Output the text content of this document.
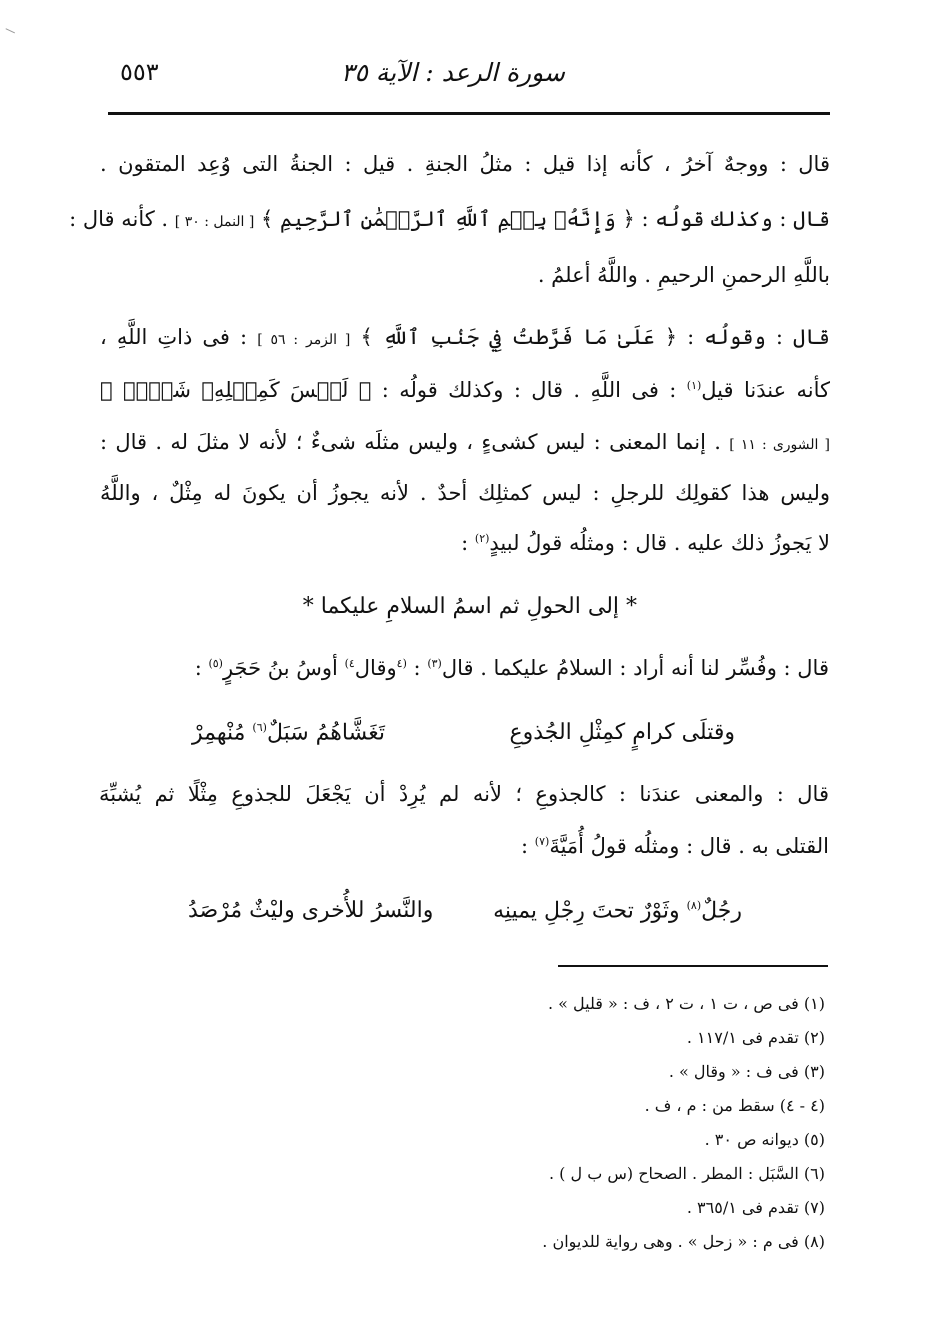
سورة الرعد : الآية ٣٥
٥٥٣
قال : ووجهٌ آخرُ ، كأنه إذا قيل : مثلُ الجنةِ . قيل : الجنةُ التى وُعِد المتقون .
قال : وكذلك قولُه : ﴿ وَإِنَّهُۥ بِسۡمِ ٱللَّهِ ٱلرَّحۡمَٰنِ ٱلرَّحِيمِ ﴾ [ النمل : ٣٠ ] . كأنه قال :
باللَّهِ الرحمنِ الرحيمِ . واللَّهُ أعلمُ .
قال : وقولُه : ﴿ عَلَىٰ مَا فَرَّطتُ فِي جَنۢبِ ٱللَّهِ ﴾ [ الزمر : ٥٦ ] : فى ذاتِ اللَّهِ ،
كأنه عندَنا قيل$^{(١)}$ : فى اللَّهِ . قال : وكذلك قولُه : ﴿ لَيۡسَ كَمِثۡلِهِۦ شَيۡءٞ ﴾
[ الشورى : ١١ ] . إنما المعنى : ليس كشىءٍ ، وليس مثلَه شىءٌ ؛ لأنه لا مثلَ له . قال :
وليس هذا كقولِك للرجلِ : ليس كمثلِك أحدٌ . لأنه يجوزُ أن يكونَ له مِثْلٌ ، واللَّهُ
لا يَجوزُ ذلك عليه . قال : ومثلُه قولُ لبيدٍ$^{(٢)}$ :
* إلى الحولِ ثم اسمُ السلامِ عليكما *
قال : وفُسِّر لنا أنه أراد : السلامُ عليكما . قال$^{(٣)}$ : $^{(٤}$وقال$^{٤)}$ أوسُ بنُ حَجَرٍ$^{(٥)}$ :
وقتلَى كرامٍ كمِثْلِ الجُذوعِ
تَغَشَّاهُمُ سَبَلٌ$^{(٦)}$ مُنْهمِرْ
قال : والمعنى عندَنا : كالجذوعِ ؛ لأنه لم يُرِدْ أن يَجْعَلَ للجذوعِ مِثْلًا ثم يُشبِّهَ
القتلى به . قال : ومثلُه قولُ أُمَيَّةَ$^{(٧)}$ :
رجُلٌ$^{(٨)}$ وثَوْرٌ تحتَ رِجْلِ يمينِه
والنَّسرُ للأُخرى وليْثٌ مُرْصَدُ
(١) فى ص ، ت ١ ، ت ٢ ، ف : « قليل » .
(٢) تقدم فى ١١٧/١ .
(٣) فى ف : « وقال » .
(٤ - ٤) سقط من : م ، ف .
(٥) ديوانه ص ٣٠ .
(٦) السَّبَل : المطر . الصحاح (س ب ل ) .
(٧) تقدم فى ٣٦٥/١ .
(٨) فى م : « زحل » . وهى رواية للديوان .
